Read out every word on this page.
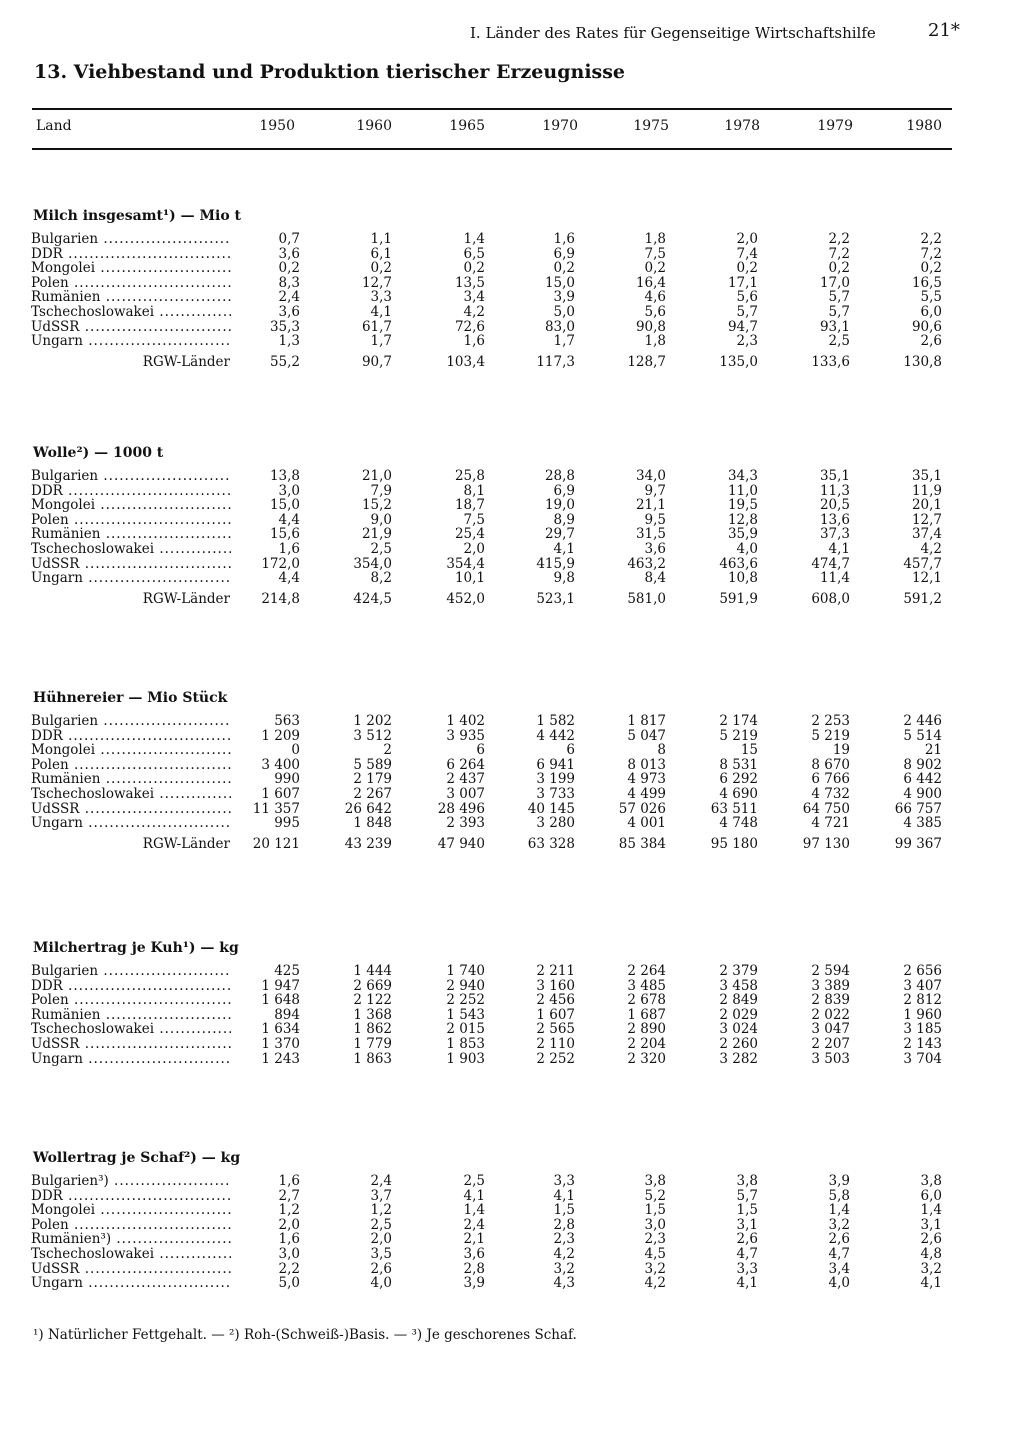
I. Länder des Rates für Gegenseitige Wirtschaftshilfe	21*
13. Viehbestand und Produktion tierischer Erzeugnisse
Land	1950	1960	1965	1970	1975	1978	1979	1980
Milch insgesamt¹) — Mio t
Bulgarien .....	0,7	1,1	1,4	1,6	1,8	2,0	2,2	2,2
DDR .....	3,6	6,1	6,5	6,9	7,5	7,4	7,2	7,2
Mongolei .....	0,2	0,2	0,2	0,2	0,2	0,2	0,2	0,2
Polen .....	8,3	12,7	13,5	15,0	16,4	17,1	17,0	16,5
Rumänien .....	2,4	3,3	3,4	3,9	4,6	5,6	5,7	5,5
Tschechoslowakei .....	3,6	4,1	4,2	5,0	5,6	5,7	5,7	6,0
UdSSR .....	35,3	61,7	72,6	83,0	90,8	94,7	93,1	90,6
Ungarn .....	1,3	1,7	1,6	1,7	1,8	2,3	2,5	2,6
RGW-Länder	55,2	90,7	103,4	117,3	128,7	135,0	133,6	130,8
Wolle²) — 1000 t
Bulgarien .....	13,8	21,0	25,8	28,8	34,0	34,3	35,1	35,1
DDR .....	3,0	7,9	8,1	6,9	9,7	11,0	11,3	11,9
Mongolei .....	15,0	15,2	18,7	19,0	21,1	19,5	20,5	20,1
Polen .....	4,4	9,0	7,5	8,9	9,5	12,8	13,6	12,7
Rumänien .....	15,6	21,9	25,4	29,7	31,5	35,9	37,3	37,4
Tschechoslowakei .....	1,6	2,5	2,0	4,1	3,6	4,0	4,1	4,2
UdSSR .....	172,0	354,0	354,4	415,9	463,2	463,6	474,7	457,7
Ungarn .....	4,4	8,2	10,1	9,8	8,4	10,8	11,4	12,1
RGW-Länder	214,8	424,5	452,0	523,1	581,0	591,9	608,0	591,2
Hühnereier — Mio Stück
Bulgarien .....	563	1 202	1 402	1 582	1 817	2 174	2 253	2 446
DDR .....	1 209	3 512	3 935	4 442	5 047	5 219	5 219	5 514
Mongolei .....	0	2	6	6	8	15	19	21
Polen .....	3 400	5 589	6 264	6 941	8 013	8 531	8 670	8 902
Rumänien .....	990	2 179	2 437	3 199	4 973	6 292	6 766	6 442
Tschechoslowakei .....	1 607	2 267	3 007	3 733	4 499	4 690	4 732	4 900
UdSSR .....	11 357	26 642	28 496	40 145	57 026	63 511	64 750	66 757
Ungarn .....	995	1 848	2 393	3 280	4 001	4 748	4 721	4 385
RGW-Länder	20 121	43 239	47 940	63 328	85 384	95 180	97 130	99 367
Milchertrag je Kuh¹) — kg
Bulgarien .....	425	1 444	1 740	2 211	2 264	2 379	2 594	2 656
DDR .....	1 947	2 669	2 940	3 160	3 485	3 458	3 389	3 407
Polen .....	1 648	2 122	2 252	2 456	2 678	2 849	2 839	2 812
Rumänien .....	894	1 368	1 543	1 607	1 687	2 029	2 022	1 960
Tschechoslowakei .....	1 634	1 862	2 015	2 565	2 890	3 024	3 047	3 185
UdSSR .....	1 370	1 779	1 853	2 110	2 204	2 260	2 207	2 143
Ungarn .....	1 243	1 863	1 903	2 252	2 320	3 282	3 503	3 704
Wollertrag je Schaf²) — kg
Bulgarien³) .....	1,6	2,4	2,5	3,3	3,8	3,8	3,9	3,8
DDR .....	2,7	3,7	4,1	4,1	5,2	5,7	5,8	6,0
Mongolei .....	1,2	1,2	1,4	1,5	1,5	1,5	1,4	1,4
Polen .....	2,0	2,5	2,4	2,8	3,0	3,1	3,2	3,1
Rumänien³) .....	1,6	2,0	2,1	2,3	2,3	2,6	2,6	2,6
Tschechoslowakei .....	3,0	3,5	3,6	4,2	4,5	4,7	4,7	4,8
UdSSR .....	2,2	2,6	2,8	3,2	3,2	3,3	3,4	3,2
Ungarn .....	5,0	4,0	3,9	4,3	4,2	4,1	4,0	4,1
¹) Natürlicher Fettgehalt. — ²) Roh-(Schweiß-)Basis. — ³) Je geschorenes Schaf.
